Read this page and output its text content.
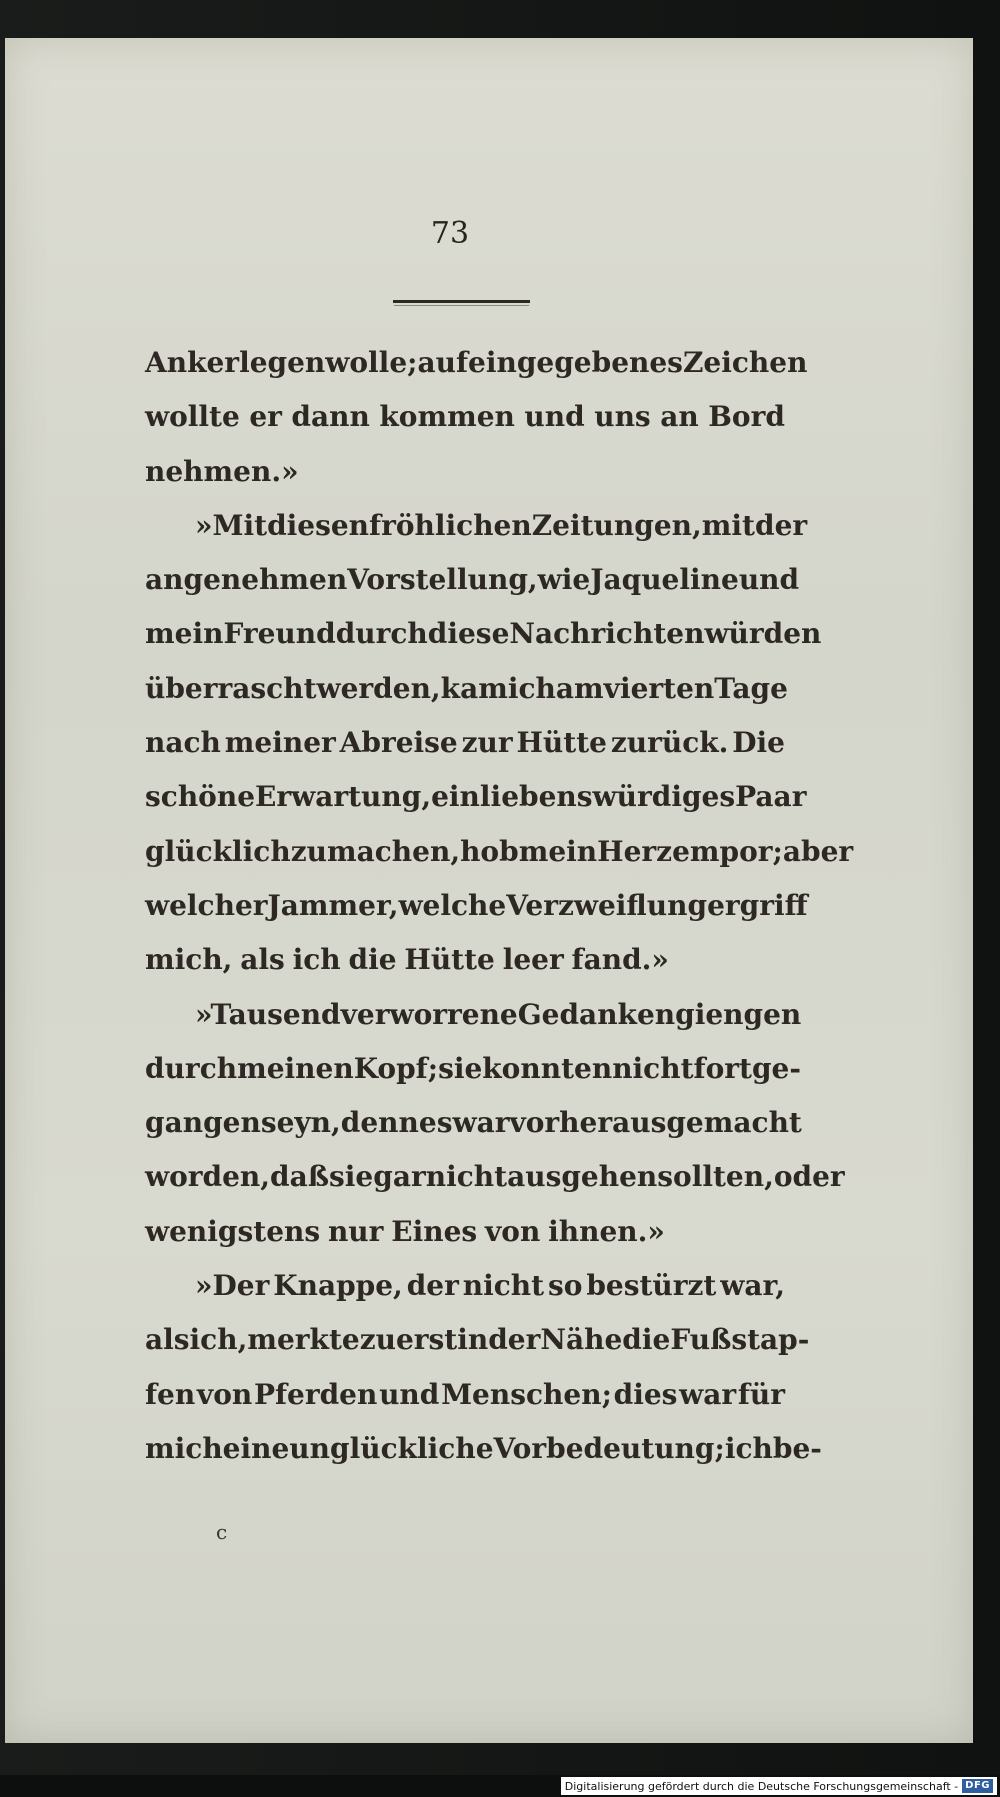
73
Anker legen wolle; auf ein gegebenes Zeichen
wollte er dann kommen und uns an Bord
nehmen.»
»Mit diesen fröhlichen Zeitungen, mit der
angenehmen Vorstellung, wie Jaqueline und
mein Freund durch diese Nachrichten würden
überrascht werden, kam ich am vierten Tage
nach meiner Abreise zur Hütte zurück. Die
schöne Erwartung, ein liebenswürdiges Paar
glücklich zu machen, hob mein Herz empor; aber
welcher Jammer, welche Verzweiflung ergriff
mich, als ich die Hütte leer fand.»
»Tausend verworrene Gedanken giengen
durch meinen Kopf; sie konnten nicht fortge-
gangen seyn, denn es war vorher ausgemacht
worden, daß sie gar nicht ausgehen sollten, oder
wenigstens nur Eines von ihnen.»
»Der Knappe, der nicht so bestürzt war,
als ich, merkte zuerst in der Nähe die Fußstap-
fen von Pferden und Menschen; dies war für
mich eine unglückliche Vorbedeutung; ich be-
c
Digitalisierung gefördert durch die Deutsche Forschungsgemeinschaft - DFG
